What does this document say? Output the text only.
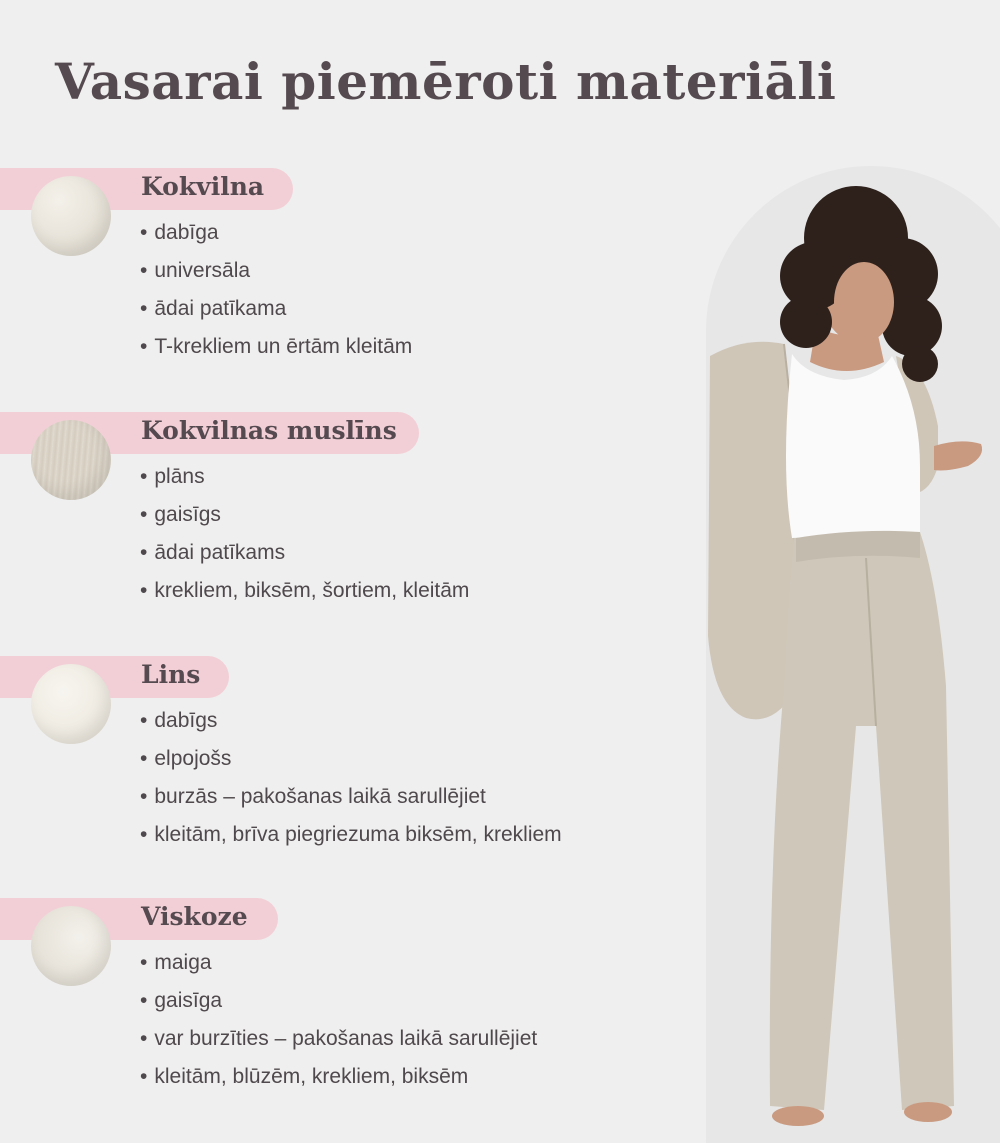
Vasarai piemēroti materiāli
Kokvilna
• dabīga
• universāla
• ādai patīkama
• T-krekliem un ērtām kleitām
Kokvilnas muslīns
• plāns
• gaisīgs
• ādai patīkams
• krekliem, biksēm, šortiem, kleitām
Lins
• dabīgs
• elpojošs
• burzās – pakošanas laikā sarullējiet
• kleitām, brīva piegriezuma biksēm, krekliem
Viskoze
• maiga
• gaisīga
• var burzīties – pakošanas laikā sarullējiet
• kleitām, blūzēm, krekliem, biksēm
